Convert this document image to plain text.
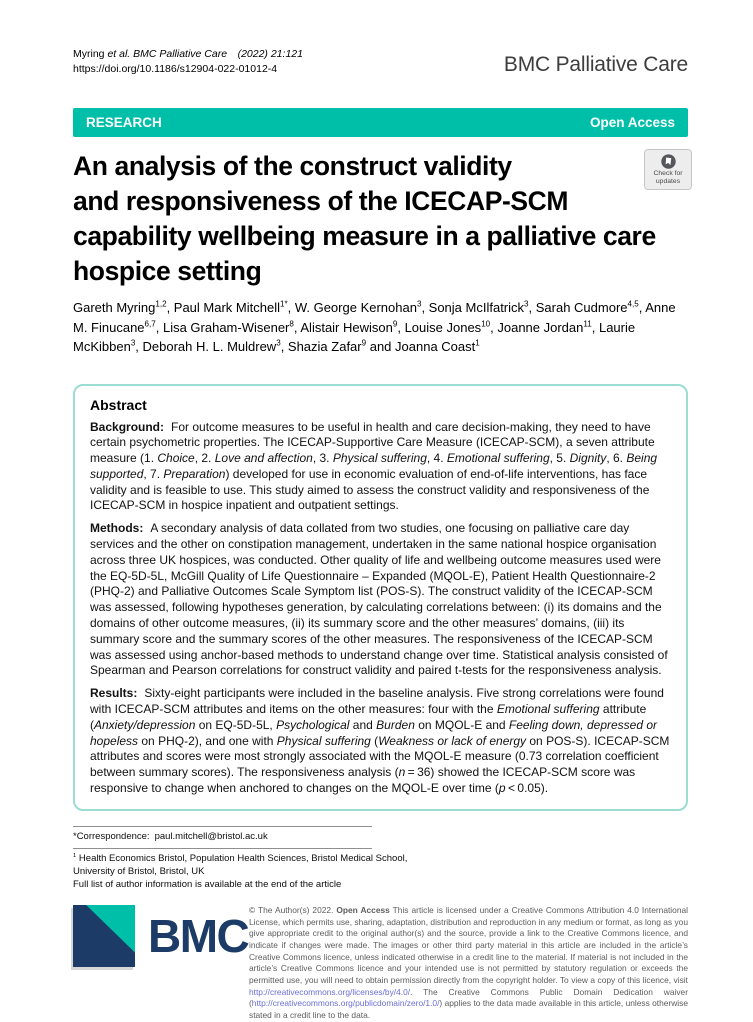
Myring et al. BMC Palliative Care   (2022) 21:121
https://doi.org/10.1186/s12904-022-01012-4	BMC Palliative Care
RESEARCH	Open Access
An analysis of the construct validity
and responsiveness of the ICECAP-SCM
capability wellbeing measure in a palliative care
hospice setting
Check for
updates
Gareth Myring$^{1,2}$, Paul Mark Mitchell$^{1*}$, W. George Kernohan$^3$, Sonja McIlfatrick$^3$, Sarah Cudmore$^{4,5}$, Anne M. Finucane$^{6,7}$, Lisa Graham-Wisener$^8$, Alistair Hewison$^9$, Louise Jones$^{10}$, Joanne Jordan$^{11}$, Laurie McKibben$^3$, Deborah H. L. Muldrew$^3$, Shazia Zafar$^9$ and Joanna Coast$^1$
Abstract

Background: For outcome measures to be useful in health and care decision-making, they need to have certain psychometric properties. The ICECAP-Supportive Care Measure (ICECAP-SCM), a seven attribute measure (1. Choice, 2. Love and affection, 3. Physical suffering, 4. Emotional suffering, 5. Dignity, 6. Being supported, 7. Preparation) developed for use in economic evaluation of end-of-life interventions, has face validity and is feasible to use. This study aimed to assess the construct validity and responsiveness of the ICECAP-SCM in hospice inpatient and outpatient settings.

Methods: A secondary analysis of data collated from two studies, one focusing on palliative care day services and the other on constipation management, undertaken in the same national hospice organisation across three UK hospices, was conducted. Other quality of life and wellbeing outcome measures used were the EQ-5D-5L, McGill Quality of Life Questionnaire – Expanded (MQOL-E), Patient Health Questionnaire-2 (PHQ-2) and Palliative Outcomes Scale Symptom list (POS-S). The construct validity of the ICECAP-SCM was assessed, following hypotheses generation, by calculating correlations between: (i) its domains and the domains of other outcome measures, (ii) its summary score and the other measures’ domains, (iii) its summary score and the summary scores of the other measures. The responsiveness of the ICECAP-SCM was assessed using anchor-based methods to understand change over time. Statistical analysis consisted of Spearman and Pearson correlations for construct validity and paired t-tests for the responsiveness analysis.

Results: Sixty-eight participants were included in the baseline analysis. Five strong correlations were found with ICECAP-SCM attributes and items on the other measures: four with the Emotional suffering attribute (Anxiety/depression on EQ-5D-5L, Psychological and Burden on MQOL-E and Feeling down, depressed or hopeless on PHQ-2), and one with Physical suffering (Weakness or lack of energy on POS-S). ICECAP-SCM attributes and scores were most strongly associated with the MQOL-E measure (0.73 correlation coefficient between summary scores). The responsiveness analysis (n = 36) showed the ICECAP-SCM score was responsive to change when anchored to changes on the MQOL-E over time (p < 0.05).

*Correspondence: paul.mitchell@bristol.ac.uk
$^1$ Health Economics Bristol, Population Health Sciences, Bristol Medical School, University of Bristol, Bristol, UK
Full list of author information is available at the end of the article
BMC © The Author(s) 2022. Open Access This article is licensed under a Creative Commons Attribution 4.0 International License, which permits use, sharing, adaptation, distribution and reproduction in any medium or format, as long as you give appropriate credit to the original author(s) and the source, provide a link to the Creative Commons licence, and indicate if changes were made. The images or other third party material in this article are included in the article’s Creative Commons licence, unless indicated otherwise in a credit line to the material. If material is not included in the article’s Creative Commons licence and your intended use is not permitted by statutory regulation or exceeds the permitted use, you will need to obtain permission directly from the copyright holder. To view a copy of this licence, visit http://creativecommons.org/licenses/by/4.0/. The Creative Commons Public Domain Dedication waiver (http://creativecommons.org/publicdomain/zero/1.0/) applies to the data made available in this article, unless otherwise stated in a credit line to the data.
